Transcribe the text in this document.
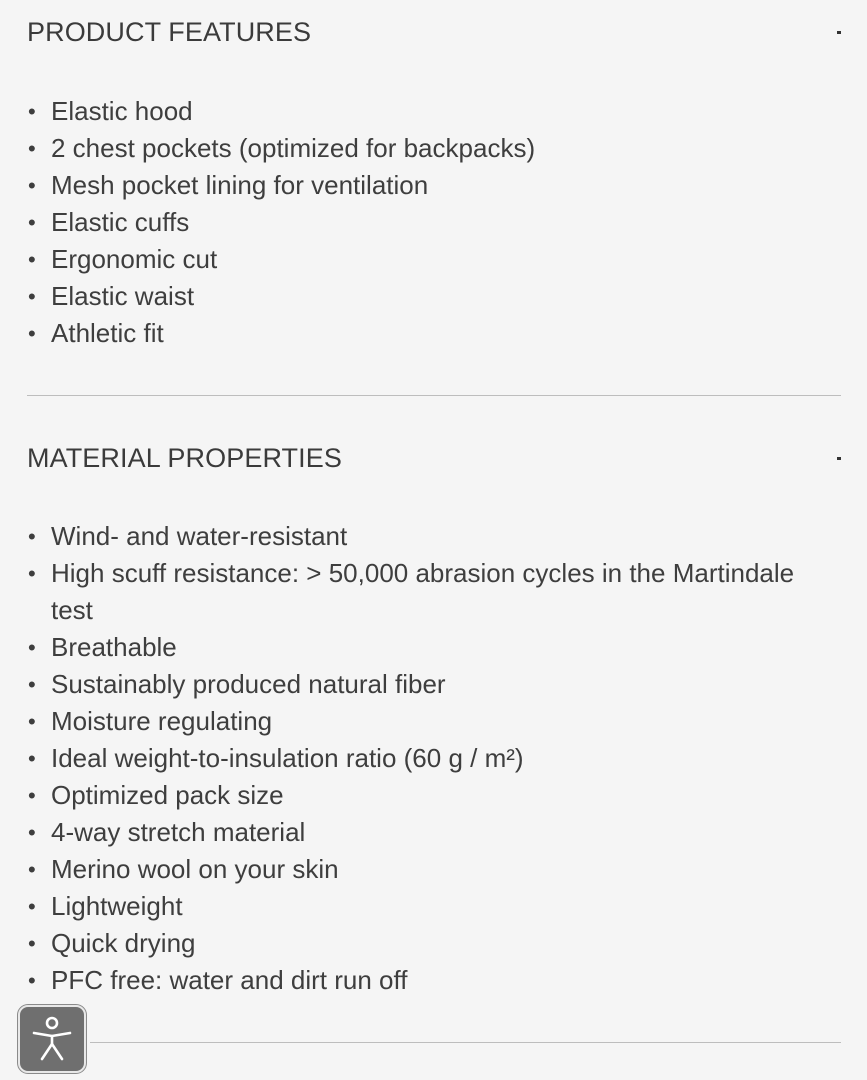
PRODUCT FEATURES
• Elastic hood
• 2 chest pockets (optimized for backpacks)
• Mesh pocket lining for ventilation
• Elastic cuffs
• Ergonomic cut
• Elastic waist
• Athletic fit
MATERIAL PROPERTIES
• Wind- and water-resistant
• High scuff resistance: > 50,000 abrasion cycles in the Martindale test
• Breathable
• Sustainably produced natural fiber
• Moisture regulating
• Ideal weight-to-insulation ratio (60 g / m²)
• Optimized pack size
• 4-way stretch material
• Merino wool on your skin
• Lightweight
• Quick drying
• PFC free: water and dirt run off
